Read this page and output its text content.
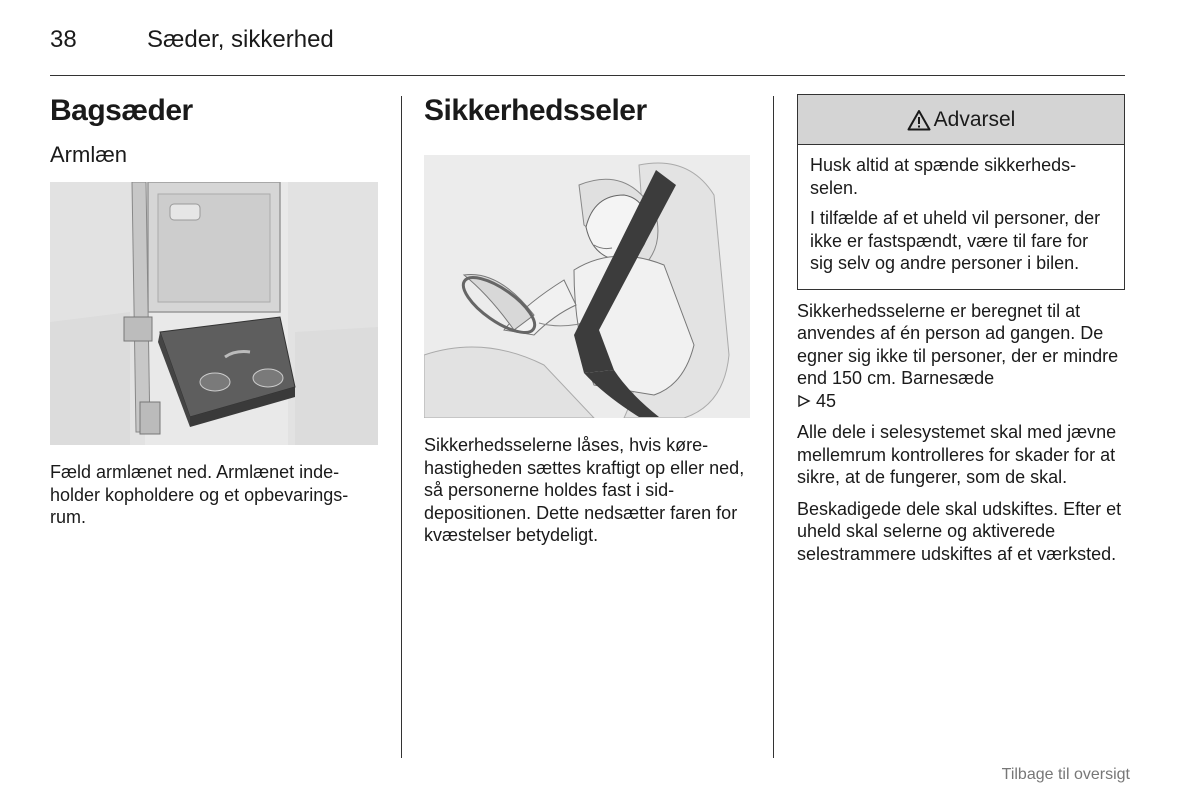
38	Sæder, sikkerhed
Bagsæder
Armlæn

Fæld armlænet ned. Armlænet indeholder kopholdere og et opbevaringsrum.

Sikkerhedsseler

Sikkerhedsselerne låses, hvis kørehastigheden sættes kraftigt op eller ned, så personerne holdes fast i siddepositionen. Dette nedsætter faren for kvæstelser betydeligt.

Advarsel

Husk altid at spænde sikkerhedsselen.

I tilfælde af et uheld vil personer, der ikke er fastspændt, være til fare for sig selv og andre personer i bilen.

Sikkerhedsselerne er beregnet til at anvendes af én person ad gangen. De egner sig ikke til personer, der er mindre end 150 cm. Barnesæde
45

Alle dele i selesystemet skal med jævne mellemrum kontrolleres for skader for at sikre, at de fungerer, som de skal.

Beskadigede dele skal udskiftes. Efter et uheld skal selerne og aktiverede selestrammere udskiftes af et værksted.

Tilbage til oversigt
